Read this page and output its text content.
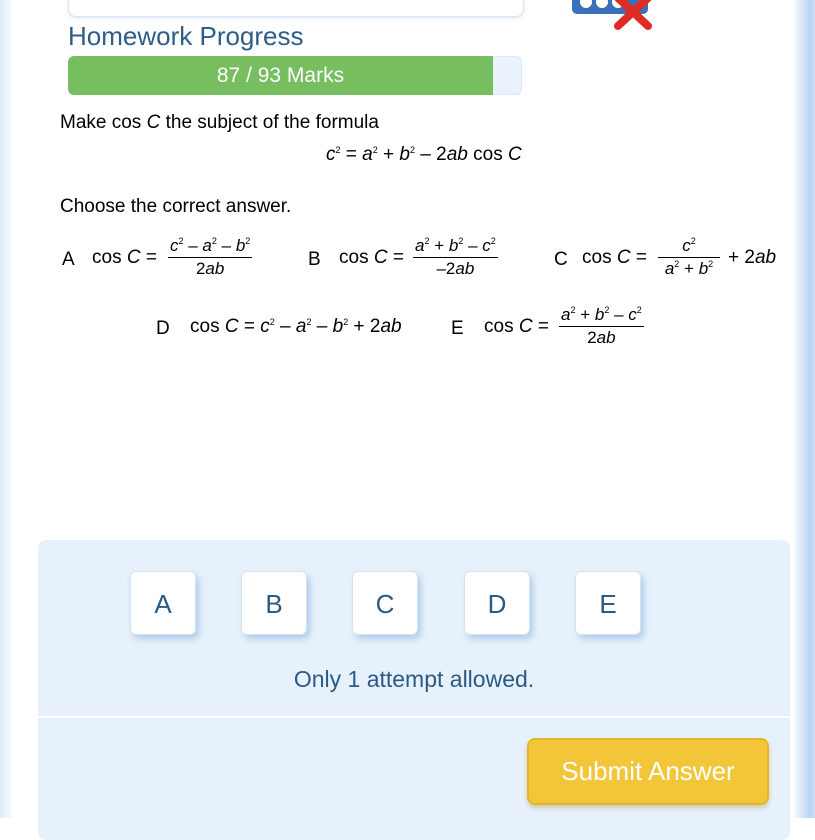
Homework Progress
87 / 93 Marks
Make cos C the subject of the formula
$c^2 = a^2 + b^2 - 2ab$ cos C
Choose the correct answer.
A $\cos C = \frac{c^2 - a^2 - b^2}{2ab}$	B $\cos C = \frac{a^2 + b^2 - c^2}{-2ab}$	C $\cos C = \frac{c^2}{a^2 + b^2} + 2ab$
D $\cos C = c^2 - a^2 - b^2 + 2ab$	E $\cos C = \frac{a^2 + b^2 - c^2}{2ab}$
A	B	C	D	E
Only 1 attempt allowed.
Submit Answer
